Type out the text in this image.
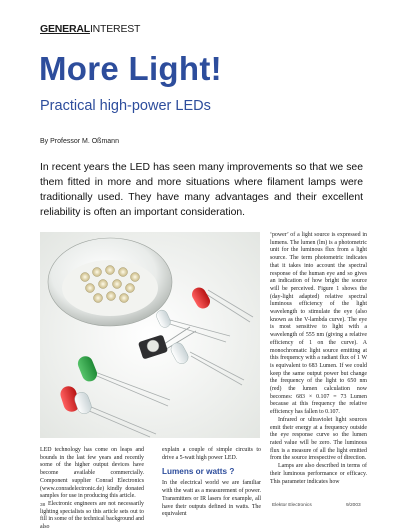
GENERALINTEREST
More Light!
Practical high-power LEDs
By Professor M. Oßmann

In recent years the LED has seen many improvements so that we see them fitted in more and more situations where filament lamps were traditionally used. They have many advantages and their excellent reliability is often an important consideration.

‘power’ of a light source is expressed in lumens. The lumen (lm) is a photometric unit for the luminous flux from a light source. The term photometric indicates that it takes into account the spectral response of the human eye and so gives an indication of how bright the source will be perceived. Figure 1 shows the (day-light adapted) relative spectral luminous efficiency of the light wavelength to stimulate the eye (also known as the V-lambda curve). The eye is most sensitive to light with a wavelength of 555 nm (giving a relative efficiency of 1 on the curve). A monochromatic light source emitting at this frequency with a radiant flux of 1 W is equivalent to 683 Lumen. If we could keep the same output power but change the frequency of the light to 650 nm (red) the lumen calculation now becomes: 683 × 0.107 = 73 Lumen because at this frequency the relative efficiency has fallen to 0.107.

Infrared or ultraviolet light sources emit their energy at a frequency outside the eye response curve so the lumen rated value will be zero. The luminous flux is a measure of all the light emitted from the source irrespective of direction.

Lamps are also described in terms of their luminous performance or efficacy. This parameter indicates how

LED technology has come on leaps and bounds in the last few years and recently some of the higher output devices have become available commercially. Component supplier Conrad Electronics (www.conradelectronic.de) kindly donated samples for use in producing this article.

Electronic engineers are not necessarily lighting specialists so this article sets out to fill in some of the technical background and also

explain a couple of simple circuits to drive a 5-watt high power LED.

Lumens or watts ?

In the electrical world we are familiar with the watt as a measurement of power. Transmitters or IR lasers for example, all have their outputs defined in watts. The equivalent

38	Elektor Electronics	9/2003
